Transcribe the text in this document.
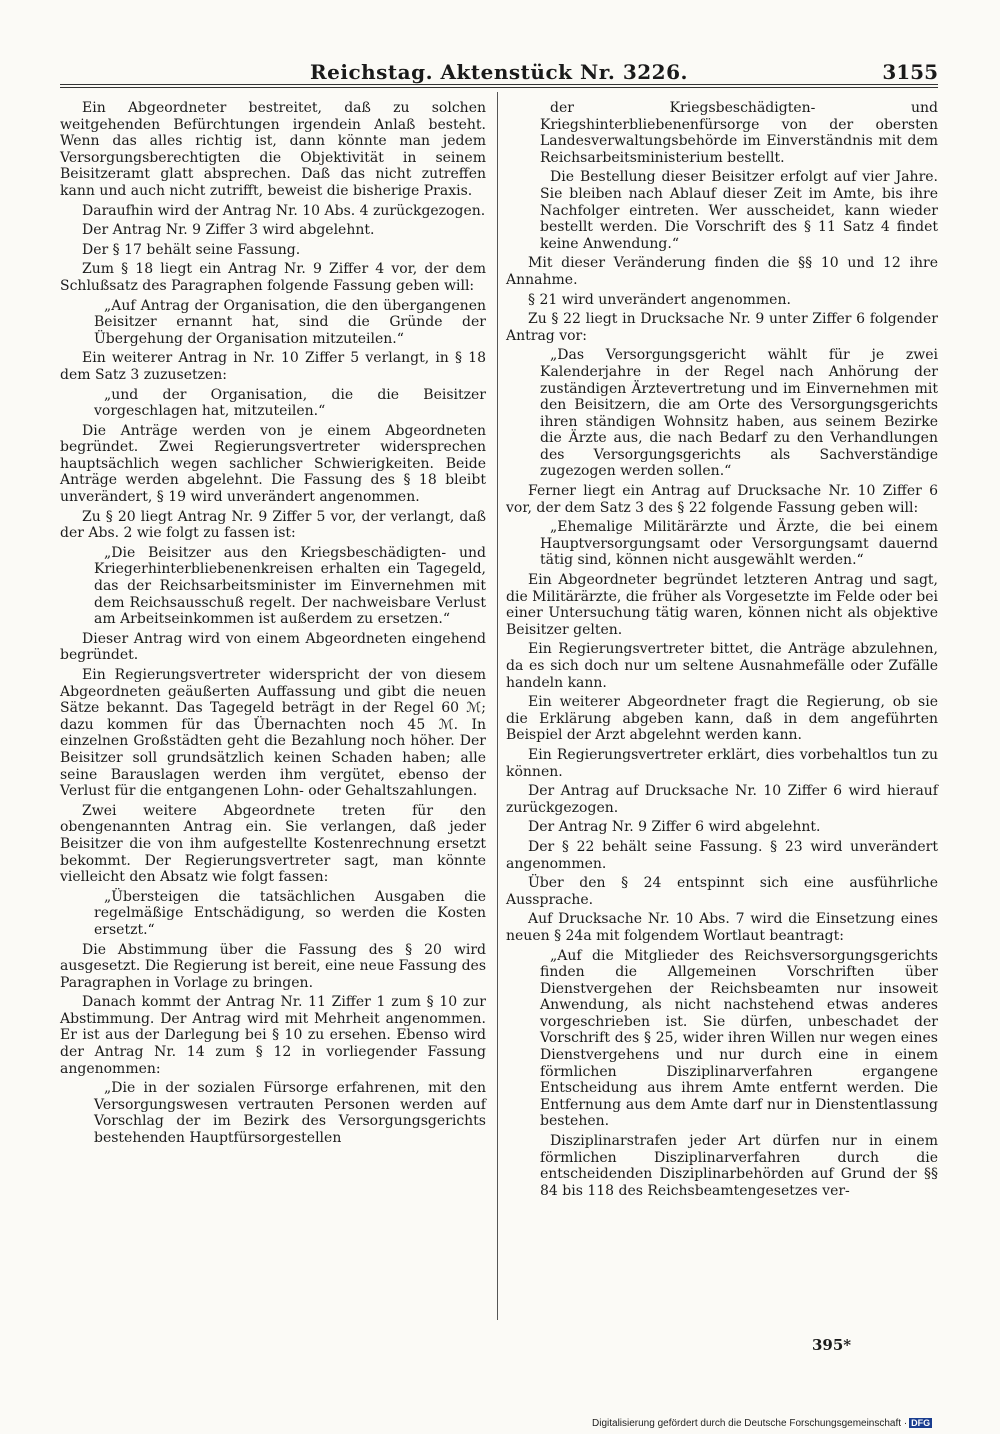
Reichstag. Aktenstück Nr. 3226.	3155

Ein Abgeordneter bestreitet, daß zu solchen weitgehenden Befürchtungen irgendein Anlaß besteht. Wenn das alles richtig ist, dann könnte man jedem Versorgungsberechtigten die Objektivität in seinem Beisitzeramt glatt absprechen. Daß das nicht zutreffen kann und auch nicht zutrifft, beweist die bisherige Praxis.

Daraufhin wird der Antrag Nr. 10 Abs. 4 zurückgezogen.

Der Antrag Nr. 9 Ziffer 3 wird abgelehnt.

Der § 17 behält seine Fassung.

Zum § 18 liegt ein Antrag Nr. 9 Ziffer 4 vor, der dem Schlußsatz des Paragraphen folgende Fassung geben will:

„Auf Antrag der Organisation, die den übergangenen Beisitzer ernannt hat, sind die Gründe der Übergehung der Organisation mitzuteilen.“

Ein weiterer Antrag in Nr. 10 Ziffer 5 verlangt, in § 18 dem Satz 3 zuzusetzen:

„und der Organisation, die die Beisitzer vorgeschlagen hat, mitzuteilen.“

Die Anträge werden von je einem Abgeordneten begründet. Zwei Regierungsvertreter widersprechen hauptsächlich wegen sachlicher Schwierigkeiten. Beide Anträge werden abgelehnt. Die Fassung des § 18 bleibt unverändert, § 19 wird unverändert angenommen.

Zu § 20 liegt Antrag Nr. 9 Ziffer 5 vor, der verlangt, daß der Abs. 2 wie folgt zu fassen ist:

„Die Beisitzer aus den Kriegsbeschädigten- und Kriegerhinterbliebenenkreisen erhalten ein Tagegeld, das der Reichsarbeitsminister im Einvernehmen mit dem Reichsausschuß regelt. Der nachweisbare Verlust am Arbeitseinkommen ist außerdem zu ersetzen.“

Dieser Antrag wird von einem Abgeordneten eingehend begründet.

Ein Regierungsvertreter widerspricht der von diesem Abgeordneten geäußerten Auffassung und gibt die neuen Sätze bekannt. Das Tagegeld beträgt in der Regel 60 ℳ; dazu kommen für das Übernachten noch 45 ℳ. In einzelnen Großstädten geht die Bezahlung noch höher. Der Beisitzer soll grundsätzlich keinen Schaden haben; alle seine Barauslagen werden ihm vergütet, ebenso der Verlust für die entgangenen Lohn- oder Gehaltszahlungen.

Zwei weitere Abgeordnete treten für den obengenannten Antrag ein. Sie verlangen, daß jeder Beisitzer die von ihm aufgestellte Kostenrechnung ersetzt bekommt. Der Regierungsvertreter sagt, man könnte vielleicht den Absatz wie folgt fassen:

„Übersteigen die tatsächlichen Ausgaben die regelmäßige Entschädigung, so werden die Kosten ersetzt.“

Die Abstimmung über die Fassung des § 20 wird ausgesetzt. Die Regierung ist bereit, eine neue Fassung des Paragraphen in Vorlage zu bringen.

Danach kommt der Antrag Nr. 11 Ziffer 1 zum § 10 zur Abstimmung. Der Antrag wird mit Mehrheit angenommen. Er ist aus der Darlegung bei § 10 zu ersehen. Ebenso wird der Antrag Nr. 14 zum § 12 in vorliegender Fassung angenommen:

„Die in der sozialen Fürsorge erfahrenen, mit den Versorgungswesen vertrauten Personen werden auf Vorschlag der im Bezirk des Versorgungsgerichts bestehenden Hauptfürsorgestellen

der Kriegsbeschädigten- und Kriegshinterbliebenenfürsorge von der obersten Landesverwaltungsbehörde im Einverständnis mit dem Reichsarbeitsministerium bestellt.

Die Bestellung dieser Beisitzer erfolgt auf vier Jahre. Sie bleiben nach Ablauf dieser Zeit im Amte, bis ihre Nachfolger eintreten. Wer ausscheidet, kann wieder bestellt werden. Die Vorschrift des § 11 Satz 4 findet keine Anwendung.“

Mit dieser Veränderung finden die §§ 10 und 12 ihre Annahme.

§ 21 wird unverändert angenommen.

Zu § 22 liegt in Drucksache Nr. 9 unter Ziffer 6 folgender Antrag vor:

„Das Versorgungsgericht wählt für je zwei Kalenderjahre in der Regel nach Anhörung der zuständigen Ärztevertretung und im Einvernehmen mit den Beisitzern, die am Orte des Versorgungsgerichts ihren ständigen Wohnsitz haben, aus seinem Bezirke die Ärzte aus, die nach Bedarf zu den Verhandlungen des Versorgungsgerichts als Sachverständige zugezogen werden sollen.“

Ferner liegt ein Antrag auf Drucksache Nr. 10 Ziffer 6 vor, der dem Satz 3 des § 22 folgende Fassung geben will:

„Ehemalige Militärärzte und Ärzte, die bei einem Hauptversorgungsamt oder Versorgungsamt dauernd tätig sind, können nicht ausgewählt werden.“

Ein Abgeordneter begründet letzteren Antrag und sagt, die Militärärzte, die früher als Vorgesetzte im Felde oder bei einer Untersuchung tätig waren, können nicht als objektive Beisitzer gelten.

Ein Regierungsvertreter bittet, die Anträge abzulehnen, da es sich doch nur um seltene Ausnahmefälle oder Zufälle handeln kann.

Ein weiterer Abgeordneter fragt die Regierung, ob sie die Erklärung abgeben kann, daß in dem angeführten Beispiel der Arzt abgelehnt werden kann.

Ein Regierungsvertreter erklärt, dies vorbehaltlos tun zu können.

Der Antrag auf Drucksache Nr. 10 Ziffer 6 wird hierauf zurückgezogen.

Der Antrag Nr. 9 Ziffer 6 wird abgelehnt.

Der § 22 behält seine Fassung. § 23 wird unverändert angenommen.

Über den § 24 entspinnt sich eine ausführliche Aussprache.

Auf Drucksache Nr. 10 Abs. 7 wird die Einsetzung eines neuen § 24a mit folgendem Wortlaut beantragt:

„Auf die Mitglieder des Reichsversorgungsgerichts finden die Allgemeinen Vorschriften über Dienstvergehen der Reichsbeamten nur insoweit Anwendung, als nicht nachstehend etwas anderes vorgeschrieben ist. Sie dürfen, unbeschadet der Vorschrift des § 25, wider ihren Willen nur wegen eines Dienstvergehens und nur durch eine in einem förmlichen Disziplinarverfahren ergangene Entscheidung aus ihrem Amte entfernt werden. Die Entfernung aus dem Amte darf nur in Dienstentlassung bestehen.

Disziplinarstrafen jeder Art dürfen nur in einem förmlichen Disziplinarverfahren durch die entscheidenden Disziplinarbehörden auf Grund der §§ 84 bis 118 des Reichsbeamtengesetzes ver-

395*
Digitalisierung gefördert durch die Deutsche Forschungsgemeinschaft · DFG
